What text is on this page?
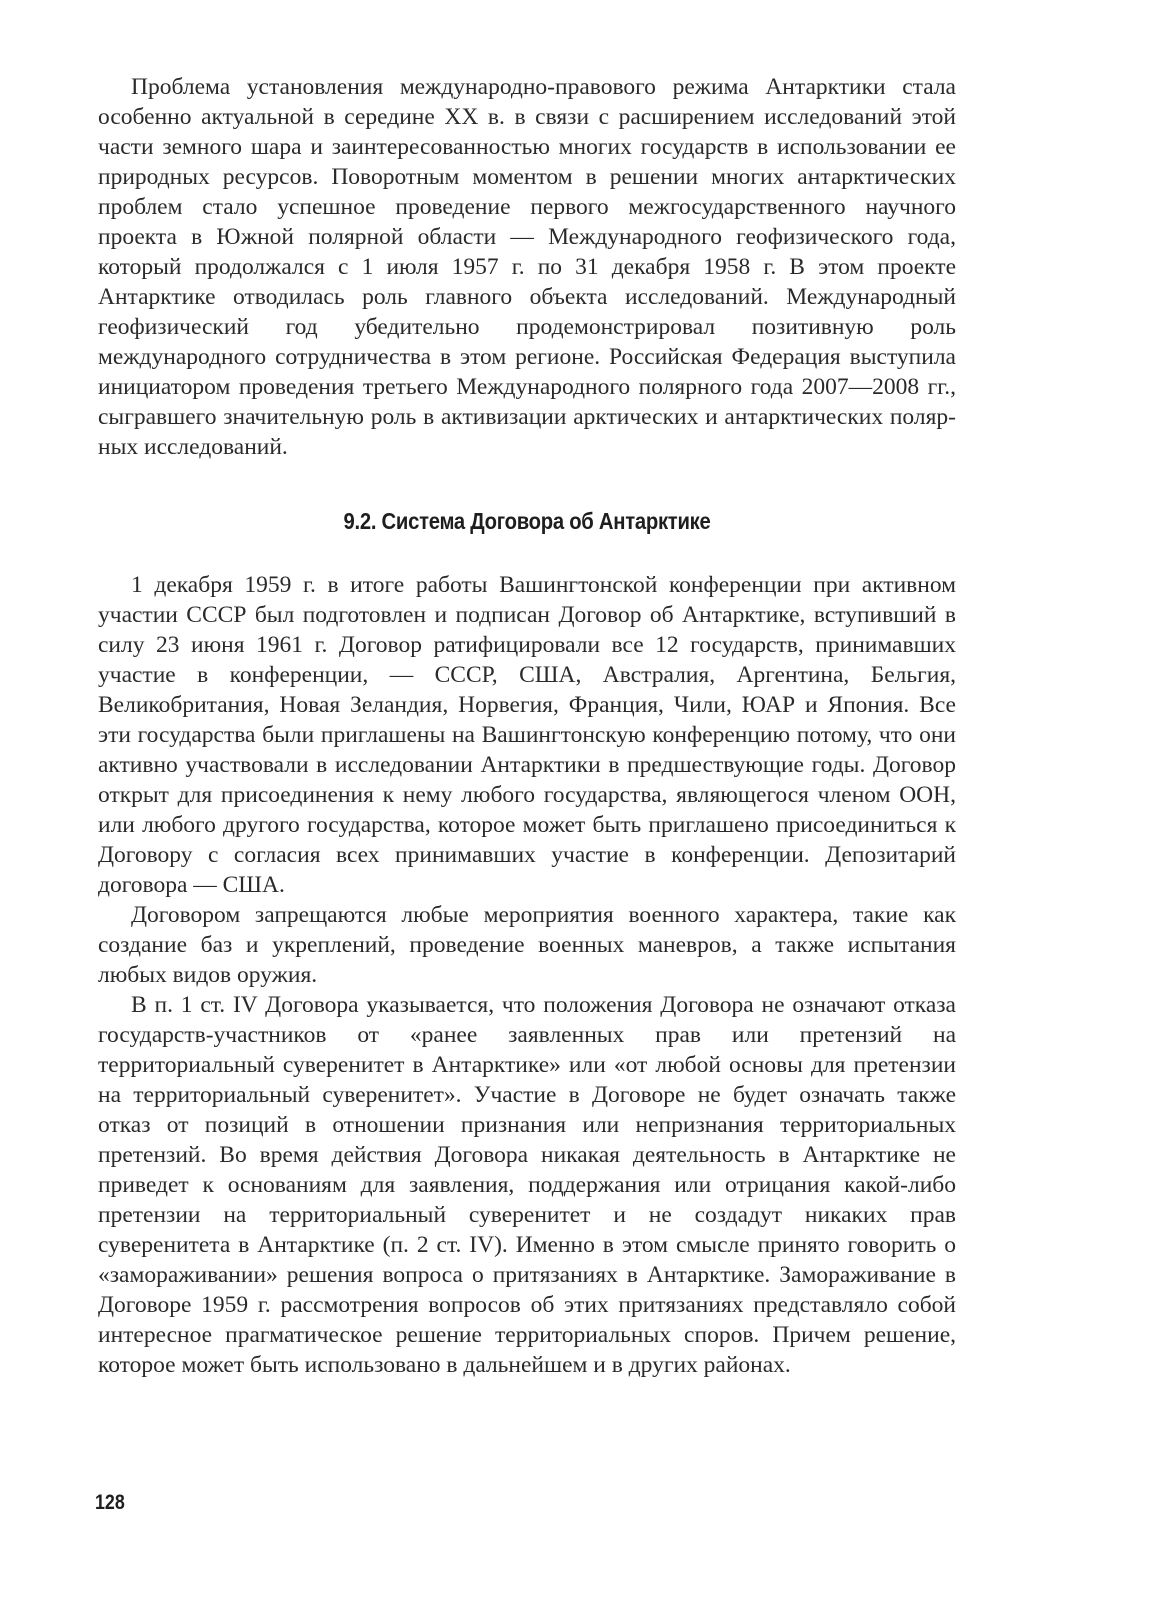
Проблема установления международно-правового режима Антарктики стала особенно актуальной в середине XX в. в связи с расширением исследований этой части земного шара и заинтересованностью многих государств в использовании ее природных ресурсов. Поворотным моментом в решении многих антарктических проблем стало успешное проведение первого межгосударственного научного проекта в Южной полярной области — Международного геофизического года, который продолжался с 1 июля 1957 г. по 31 декабря 1958 г. В этом проекте Антарктике отводилась роль главного объекта исследований. Международный геофизический год убедительно продемонстрировал позитивную роль международного сотрудничества в этом регионе. Российская Федерация выступила инициатором проведения третьего Международного полярного года 2007—2008 гг., сыгравшего значительную роль в активизации арктических и антарктических полярных исследований.

9.2. Система Договора об Антарктике

1 декабря 1959 г. в итоге работы Вашингтонской конференции при активном участии СССР был подготовлен и подписан Договор об Антарктике, вступивший в силу 23 июня 1961 г. Договор ратифицировали все 12 государств, принимавших участие в конференции, — СССР, США, Австралия, Аргентина, Бельгия, Великобритания, Новая Зеландия, Норвегия, Франция, Чили, ЮАР и Япония. Все эти государства были приглашены на Вашингтонскую конференцию потому, что они активно участвовали в исследовании Антарктики в предшествующие годы. Договор открыт для присоединения к нему любого государства, являющегося членом ООН, или любого другого государства, которое может быть приглашено присоединиться к Договору с согласия всех принимавших участие в конференции. Депозитарий договора — США.

Договором запрещаются любые мероприятия военного характера, такие как создание баз и укреплений, проведение военных маневров, а также испытания любых видов оружия.

В п. 1 ст. IV Договора указывается, что положения Договора не означают отказа государств-участников от «ранее заявленных прав или претензий на территориальный суверенитет в Антарктике» или «от любой основы для претензии на территориальный суверенитет». Участие в Договоре не будет означать также отказ от позиций в отношении признания или непризнания территориальных претензий. Во время действия Договора никакая деятельность в Антарктике не приведет к основаниям для заявления, поддержания или отрицания какой-либо претензии на территориальный суверенитет и не создадут никаких прав суверенитета в Антарктике (п. 2 ст. IV). Именно в этом смысле принято говорить о «замораживании» решения вопроса о притязаниях в Антарктике. Замораживание в Договоре 1959 г. рассмотрения вопросов об этих притязаниях представляло собой интересное прагматическое решение территориальных споров. Причем решение, которое может быть использовано в дальнейшем и в других районах.

128
